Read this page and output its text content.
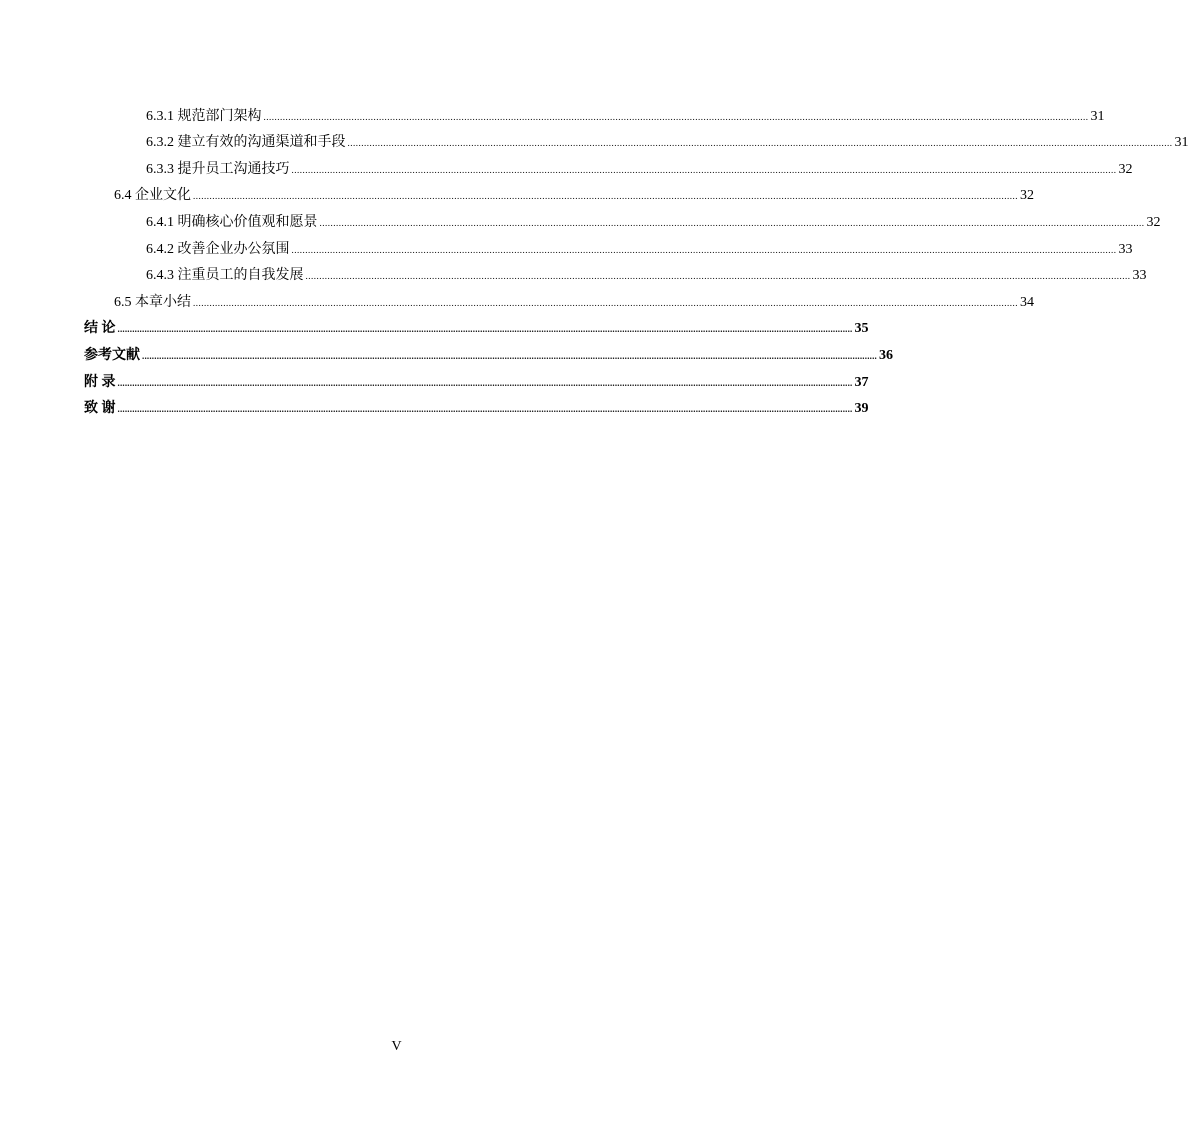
6.3.1 规范部门架构 ............................................................................................................................................................................................................................................................................................................ 31
6.3.2 建立有效的沟通渠道和手段 ............................................................................................................................................................................................................................................................................................................ 31
6.3.3 提升员工沟通技巧 ............................................................................................................................................................................................................................................................................................................ 32
6.4 企业文化 ............................................................................................................................................................................................................................................................................................................ 32
6.4.1 明确核心价值观和愿景 ............................................................................................................................................................................................................................................................................................................ 32
6.4.2 改善企业办公氛围 ............................................................................................................................................................................................................................................................................................................ 33
6.4.3 注重员工的自我发展 ............................................................................................................................................................................................................................................................................................................ 33
6.5 本章小结 ............................................................................................................................................................................................................................................................................................................ 34
结 论 ............................................................................................................................................................................................................................................................................................................ 35
参考文献 ............................................................................................................................................................................................................................................................................................................ 36
附 录 ............................................................................................................................................................................................................................................................................................................ 37
致 谢 ............................................................................................................................................................................................................................................................................................................ 39
V
